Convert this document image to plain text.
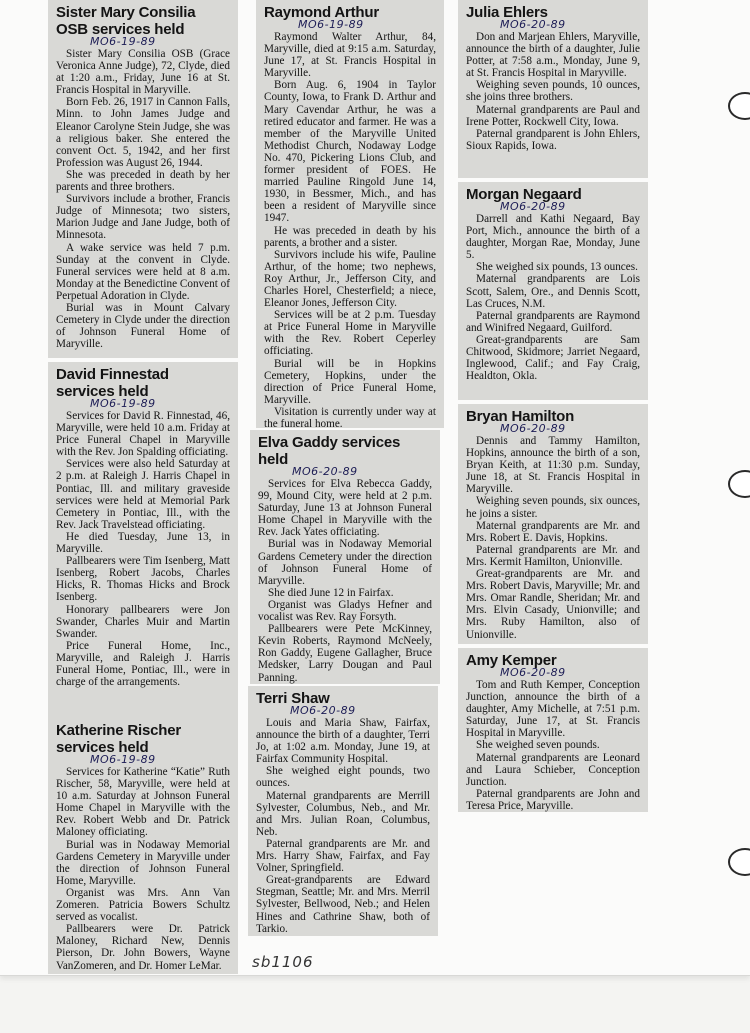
Sister Mary Consilia OSB services held
MO6-19-89

Sister Mary Consilia OSB (Grace Veronica Anne Judge), 72, Clyde, died at 1:20 a.m., Friday, June 16 at St. Francis Hospital in Maryville.

Born Feb. 26, 1917 in Cannon Falls, Minn. to John James Judge and Eleanor Carolyne Stein Judge, she was a religious baker. She entered the convent Oct. 5, 1942, and her first Profession was August 26, 1944.

She was preceded in death by her parents and three brothers.

Survivors include a brother, Francis Judge of Minnesota; two sisters, Marion Judge and Jane Judge, both of Minnesota.

A wake service was held 7 p.m. Sunday at the convent in Clyde. Funeral services were held at 8 a.m. Monday at the Benedictine Convent of Perpetual Adoration in Clyde.

Burial was in Mount Calvary Cemetery in Clyde under the direction of Johnson Funeral Home of Maryville.

David Finnestad services held
MO6-19-89

Services for David R. Finnestad, 46, Maryville, were held 10 a.m. Friday at Price Funeral Chapel in Maryville with the Rev. Jon Spalding officiating.

Services were also held Saturday at 2 p.m. at Raleigh J. Harris Chapel in Pontiac, Ill. and military graveside services were held at Memorial Park Cemetery in Pontiac, Ill., with the Rev. Jack Travelstead officiating.

He died Tuesday, June 13, in Maryville.

Pallbearers were Tim Isenberg, Matt Isenberg, Robert Jacobs, Charles Hicks, R. Thomas Hicks and Brock Isenberg.

Honorary pallbearers were Jon Swander, Charles Muir and Martin Swander.

Price Funeral Home, Inc., Maryville, and Raleigh J. Harris Funeral Home, Pontiac, Ill., were in charge of the arrangements.

Katherine Rischer services held
MO6-19-89

Services for Katherine “Katie” Ruth Rischer, 58, Maryville, were held at 10 a.m. Saturday at Johnson Funeral Home Chapel in Maryville with the Rev. Robert Webb and Dr. Patrick Maloney officiating.

Burial was in Nodaway Memorial Gardens Cemetery in Maryville under the direction of Johnson Funeral Home, Maryville.

Organist was Mrs. Ann Van Zomeren. Patricia Bowers Schultz served as vocalist.

Pallbearers were Dr. Patrick Maloney, Richard New, Dennis Pierson, Dr. John Bowers, Wayne VanZomeren, and Dr. Homer LeMar.

Raymond Arthur
MO6-19-89

Raymond Walter Arthur, 84, Maryville, died at 9:15 a.m. Saturday, June 17, at St. Francis Hospital in Maryville.

Born Aug. 6, 1904 in Taylor County, Iowa, to Frank D. Arthur and Mary Cavendar Arthur, he was a retired educator and farmer. He was a member of the Maryville United Methodist Church, Nodaway Lodge No. 470, Pickering Lions Club, and former president of FOES. He married Pauline Ringold June 14, 1930, in Bessmer, Mich., and has been a resident of Maryville since 1947.

He was preceded in death by his parents, a brother and a sister.

Survivors include his wife, Pauline Arthur, of the home; two nephews, Roy Arthur, Jr., Jefferson City, and Charles Horel, Chesterfield; a niece, Eleanor Jones, Jefferson City.

Services will be at 2 p.m. Tuesday at Price Funeral Home in Maryville with the Rev. Robert Ceperley officiating.

Burial will be in Hopkins Cemetery, Hopkins, under the direction of Price Funeral Home, Maryville.

Visitation is currently under way at the funeral home.

Elva Gaddy services held
MO6-20-89

Services for Elva Rebecca Gaddy, 99, Mound City, were held at 2 p.m. Saturday, June 13 at Johnson Funeral Home Chapel in Maryville with the Rev. Jack Yates officiating.

Burial was in Nodaway Memorial Gardens Cemetery under the direction of Johnson Funeral Home of Maryville.

She died June 12 in Fairfax.

Organist was Gladys Hefner and vocalist was Rev. Ray Forsyth.

Pallbearers were Pete McKinney, Kevin Roberts, Raymond McNeely, Ron Gaddy, Eugene Gallagher, Bruce Medsker, Larry Dougan and Paul Panning.

Terri Shaw
MO6-20-89

Louis and Maria Shaw, Fairfax, announce the birth of a daughter, Terri Jo, at 1:02 a.m. Monday, June 19, at Fairfax Community Hospital.

She weighed eight pounds, two ounces.

Maternal grandparents are Merrill Sylvester, Columbus, Neb., and Mr. and Mrs. Julian Roan, Columbus, Neb.

Paternal grandparents are Mr. and Mrs. Harry Shaw, Fairfax, and Fay Volner, Springfield.

Great-grandparents are Edward Stegman, Seattle; Mr. and Mrs. Merril Sylvester, Bellwood, Neb.; and Helen Hines and Cathrine Shaw, both of Tarkio.

Julia Ehlers
MO6-20-89

Don and Marjean Ehlers, Maryville, announce the birth of a daughter, Julie Potter, at 7:58 a.m., Monday, June 9, at St. Francis Hospital in Maryville.

Weighing seven pounds, 10 ounces, she joins three brothers.

Maternal grandparents are Paul and Irene Potter, Rockwell City, Iowa.

Paternal grandparent is John Ehlers, Sioux Rapids, Iowa.

Morgan Negaard
MO6-20-89

Darrell and Kathi Negaard, Bay Port, Mich., announce the birth of a daughter, Morgan Rae, Monday, June 5.

She weighed six pounds, 13 ounces.

Maternal grandparents are Lois Scott, Salem, Ore., and Dennis Scott, Las Cruces, N.M.

Paternal grandparents are Raymond and Winifred Negaard, Guilford.

Great-grandparents are Sam Chitwood, Skidmore; Jarriet Negaard, Inglewood, Calif.; and Fay Craig, Healdton, Okla.

Bryan Hamilton
MO6-20-89

Dennis and Tammy Hamilton, Hopkins, announce the birth of a son, Bryan Keith, at 11:30 p.m. Sunday, June 18, at St. Francis Hospital in Maryville.

Weighing seven pounds, six ounces, he joins a sister.

Maternal grandparents are Mr. and Mrs. Robert E. Davis, Hopkins.

Paternal grandparents are Mr. and Mrs. Kermit Hamilton, Unionville.

Great-grandparents are Mr. and Mrs. Robert Davis, Maryville; Mr. and Mrs. Omar Randle, Sheridan; Mr. and Mrs. Elvin Casady, Unionville; and Mrs. Ruby Hamilton, also of Unionville.

Amy Kemper
MO6-20-89

Tom and Ruth Kemper, Conception Junction, announce the birth of a daughter, Amy Michelle, at 7:51 p.m. Saturday, June 17, at St. Francis Hospital in Maryville.

She weighed seven pounds.

Maternal grandparents are Leonard and Laura Schieber, Conception Junction.

Paternal grandparents are John and Teresa Price, Maryville.

sb1106
